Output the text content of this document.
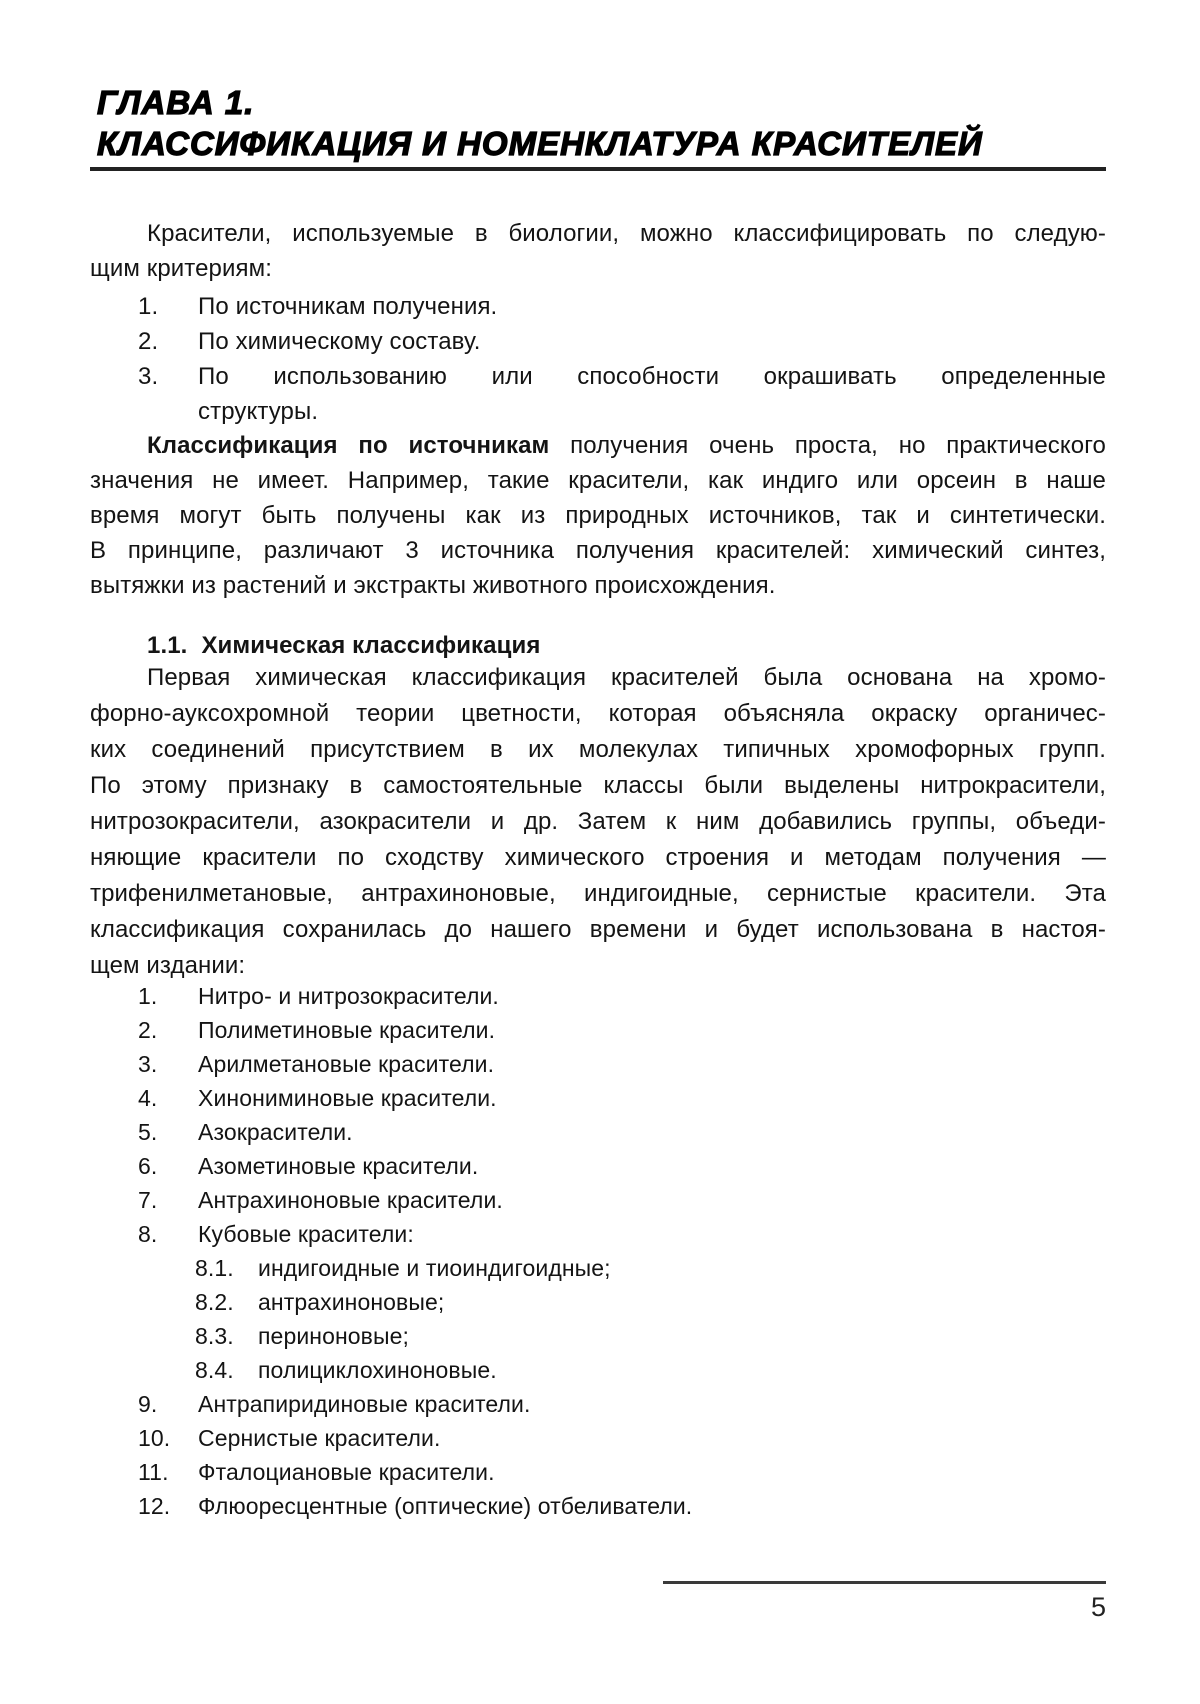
ГЛАВА 1.
КЛАССИФИКАЦИЯ И НОМЕНКЛАТУРА КРАСИТЕЛЕЙ
Красители, используемые в биологии, можно классифицировать по следую-
щим критериям:
1. По источникам получения.
2. По химическому составу.
3. По использованию или способности окрашивать определенные
структуры.
Классификация по источникам получения очень проста, но практического
значения не имеет. Например, такие красители, как индиго или орсеин в наше
время могут быть получены как из природных источников, так и синтетически.
В принципе, различают 3 источника получения красителей: химический синтез,
вытяжки из растений и экстракты животного происхождения.
1.1. Химическая классификация
Первая химическая классификация красителей была основана на хромо-
форно-ауксохромной теории цветности, которая объясняла окраску органичес-
ких соединений присутствием в их молекулах типичных хромофорных групп.
По этому признаку в самостоятельные классы были выделены нитрокрасители,
нитрозокрасители, азокрасители и др. Затем к ним добавились группы, объеди-
няющие красители по сходству химического строения и методам получения —
трифенилметановые, антрахиноновые, индигоидные, сернистые красители. Эта
классификация сохранилась до нашего времени и будет использована в настоя-
щем издании:
1. Нитро- и нитрозокрасители.
2. Полиметиновые красители.
3. Арилметановые красители.
4. Хинониминовые красители.
5. Азокрасители.
6. Азометиновые красители.
7. Антрахиноновые красители.
8. Кубовые красители:
8.1. индигоидные и тиоиндигоидные;
8.2. антрахиноновые;
8.3. периноновые;
8.4. полициклохиноновые.
9. Антрапиридиновые красители.
10. Сернистые красители.
11. Фталоциановые красители.
12. Флюоресцентные (оптические) отбеливатели.
5
